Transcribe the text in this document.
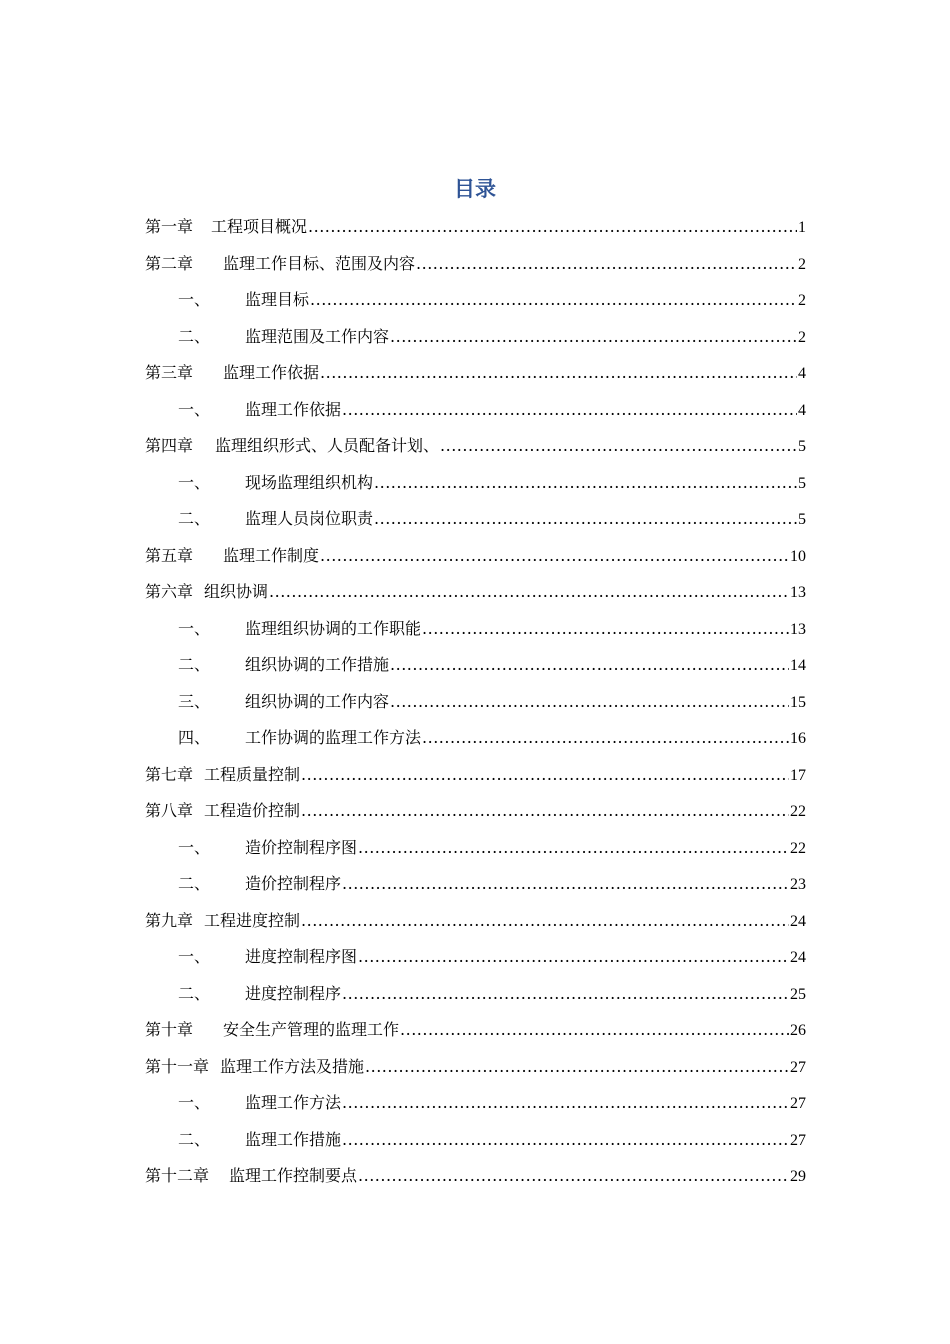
目录
第一章 工程项目概况 .....	1
第二章 监理工作目标、范围及内容 .....	2
一、	监理目标 .....	2
二、	监理范围及工作内容 .....	2
第三章 监理工作依据 .....	4
一、	监理工作依据 .....	4
第四章 监理组织形式、人员配备计划、 .....	5
一、	现场监理组织机构 .....	5
二、	监理人员岗位职责 .....	5
第五章 监理工作制度 .....	10
第六章 组织协调 .....	13
一、	监理组织协调的工作职能 .....	13
二、	组织协调的工作措施 .....	14
三、	组织协调的工作内容 .....	15
四、	工作协调的监理工作方法 .....	16
第七章 工程质量控制 .....	17
第八章 工程造价控制 .....	22
一、	造价控制程序图 .....	22
二、	造价控制程序 .....	23
第九章 工程进度控制 .....	24
一、	进度控制程序图 .....	24
二、	进度控制程序 .....	25
第十章 安全生产管理的监理工作 .....	26
第十一章 监理工作方法及措施 .....	27
一、	监理工作方法 .....	27
二、	监理工作措施 .....	27
第十二章 监理工作控制要点 .....	29
